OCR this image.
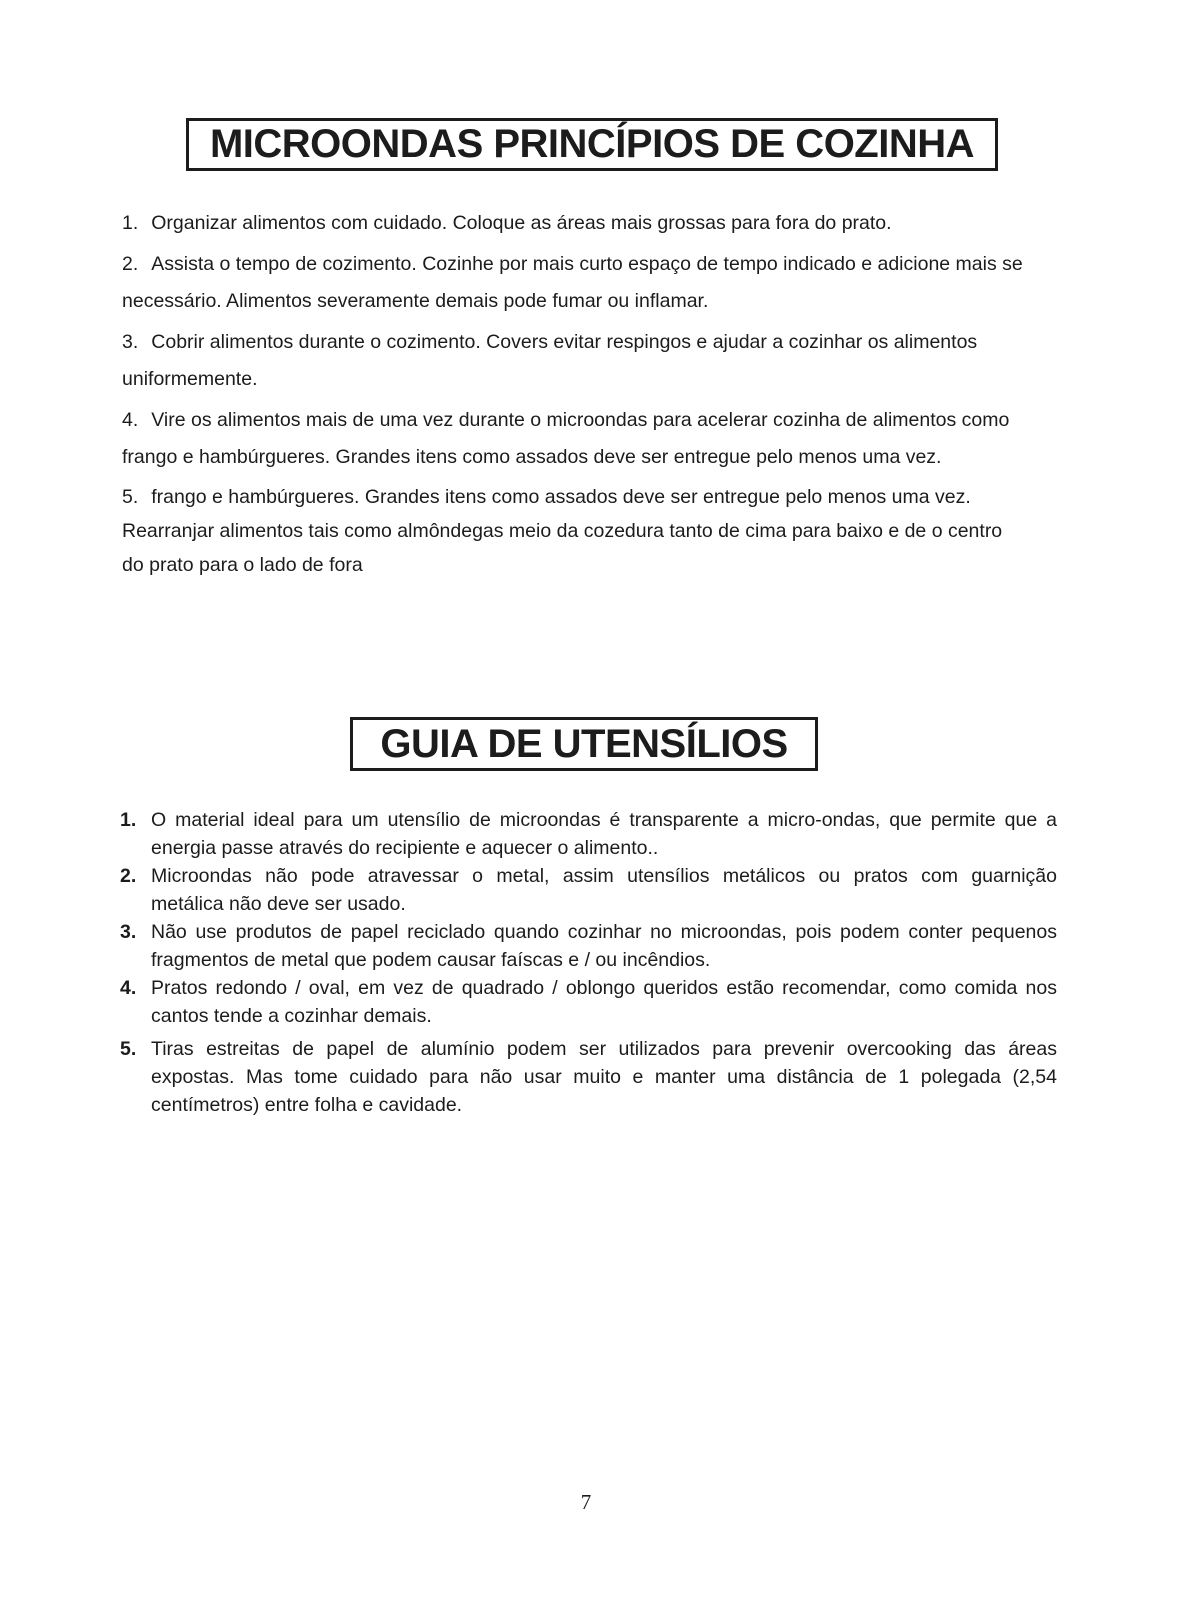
MICROONDAS PRINCÍPIOS DE COZINHA
1. Organizar alimentos com cuidado. Coloque as áreas mais grossas para fora do prato.
2. Assista o tempo de cozimento. Cozinhe por mais curto espaço de tempo indicado e adicione mais se
necessário. Alimentos severamente demais pode fumar ou inflamar.
3. Cobrir alimentos durante o cozimento. Covers evitar respingos e ajudar a cozinhar os alimentos
uniformemente.
4. Vire os alimentos mais de uma vez durante o microondas para acelerar cozinha de alimentos como
frango e hambúrgueres. Grandes itens como assados deve ser entregue pelo menos uma vez.
5. frango e hambúrgueres. Grandes itens como assados deve ser entregue pelo menos uma vez.
Rearranjar alimentos tais como almôndegas meio da cozedura tanto de cima para baixo e de o centro
do prato para o lado de fora
GUIA DE UTENSÍLIOS
1. O material ideal para um utensílio de microondas é transparente a micro-ondas, que permite que a
energia passe através do recipiente e aquecer o alimento..
2. Microondas não pode atravessar o metal, assim utensílios metálicos ou pratos com guarnição
metálica não deve ser usado.
3. Não use produtos de papel reciclado quando cozinhar no microondas, pois podem conter pequenos
fragmentos de metal que podem causar faíscas e / ou incêndios.
4. Pratos redondo / oval, em vez de quadrado / oblongo queridos estão recomendar, como comida nos
cantos tende a cozinhar demais.
5. Tiras estreitas de papel de alumínio podem ser utilizados para prevenir overcooking das áreas
expostas. Mas tome cuidado para não usar muito e manter uma distância de 1 polegada (2,54
centímetros) entre folha e cavidade.
7
